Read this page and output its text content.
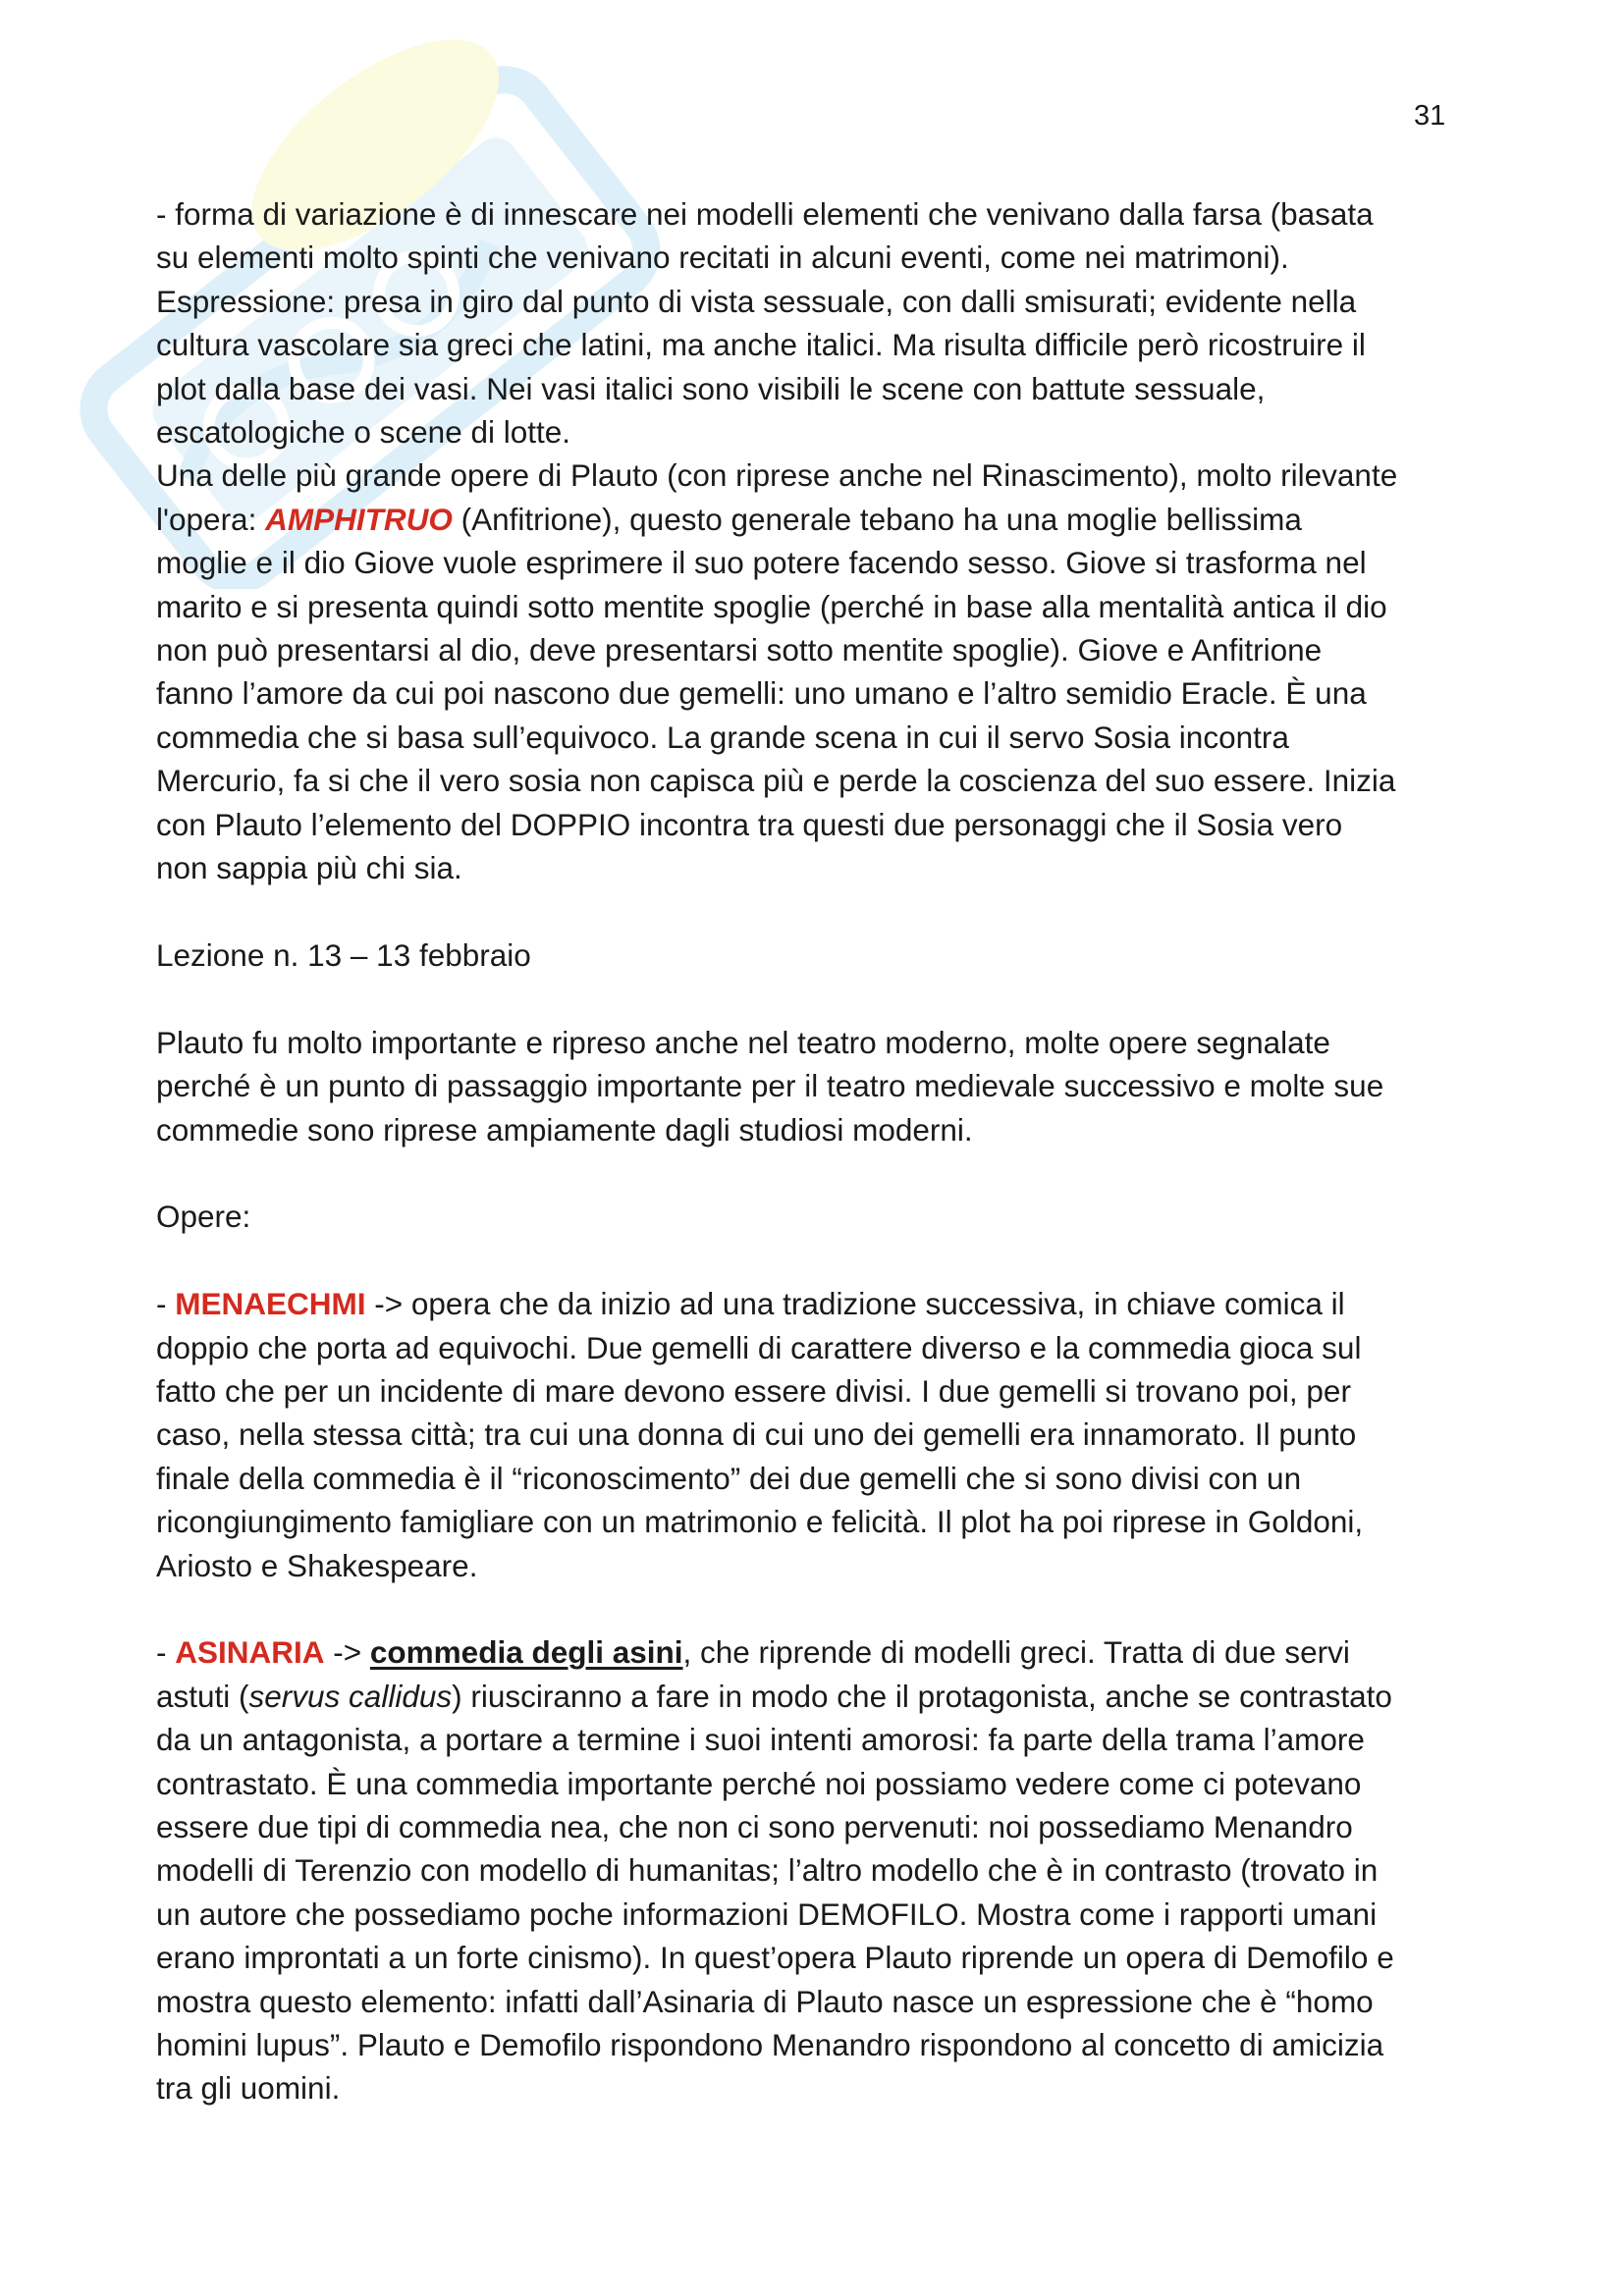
31

- forma di variazione è di innescare nei modelli elementi che venivano dalla farsa (basata

su elementi molto spinti che venivano recitati in alcuni eventi, come nei matrimoni).

Espressione: presa in giro dal punto di vista sessuale, con dalli smisurati; evidente nella

cultura vascolare sia greci che latini, ma anche italici. Ma risulta difficile però ricostruire il

plot dalla base dei vasi. Nei vasi italici sono visibili le scene con battute sessuale,

escatologiche o scene di lotte.

Una delle più grande opere di Plauto (con riprese anche nel Rinascimento), molto rilevante

l'opera: AMPHITRUO (Anfitrione), questo generale tebano ha una moglie bellissima

moglie e il dio Giove vuole esprimere il suo potere facendo sesso. Giove si trasforma nel

marito e si presenta quindi sotto mentite spoglie (perché in base alla mentalità antica il dio

non può presentarsi al dio, deve presentarsi sotto mentite spoglie). Giove e Anfitrione

fanno l’amore da cui poi nascono due gemelli: uno umano e l’altro semidio Eracle. È una

commedia che si basa sull’equivoco. La grande scena in cui il servo Sosia incontra

Mercurio, fa si che il vero sosia non capisca più e perde la coscienza del suo essere. Inizia

con Plauto l’elemento del DOPPIO incontra tra questi due personaggi che il Sosia vero

non sappia più chi sia.

Lezione n. 13 – 13 febbraio

Plauto fu molto importante e ripreso anche nel teatro moderno, molte opere segnalate

perché è un punto di passaggio importante per il teatro medievale successivo e molte sue

commedie sono riprese ampiamente dagli studiosi moderni.

Opere:

- MENAECHMI -> opera che da inizio ad una tradizione successiva, in chiave comica il

doppio che porta ad equivochi. Due gemelli di carattere diverso e la commedia gioca sul

fatto che per un incidente di mare devono essere divisi. I due gemelli si trovano poi, per

caso, nella stessa città; tra cui una donna di cui uno dei gemelli era innamorato. Il punto

finale della commedia è il “riconoscimento” dei due gemelli che si sono divisi con un

ricongiungimento famigliare con un matrimonio e felicità. Il plot ha poi riprese in Goldoni,

Ariosto e Shakespeare.

- ASINARIA -> commedia degli asini, che riprende di modelli greci. Tratta di due servi

astuti (servus callidus) riusciranno a fare in modo che il protagonista, anche se contrastato

da un antagonista, a portare a termine i suoi intenti amorosi: fa parte della trama l’amore

contrastato. È una commedia importante perché noi possiamo vedere come ci potevano

essere due tipi di commedia nea, che non ci sono pervenuti: noi possediamo Menandro

modelli di Terenzio con modello di humanitas; l’altro modello che è in contrasto (trovato in

un autore che possediamo poche informazioni DEMOFILO. Mostra come i rapporti umani

erano improntati a un forte cinismo). In quest’opera Plauto riprende un opera di Demofilo e

mostra questo elemento: infatti dall’Asinaria di Plauto nasce un espressione che è “homo

homini lupus”. Plauto e Demofilo rispondono Menandro rispondono al concetto di amicizia

tra gli uomini.
